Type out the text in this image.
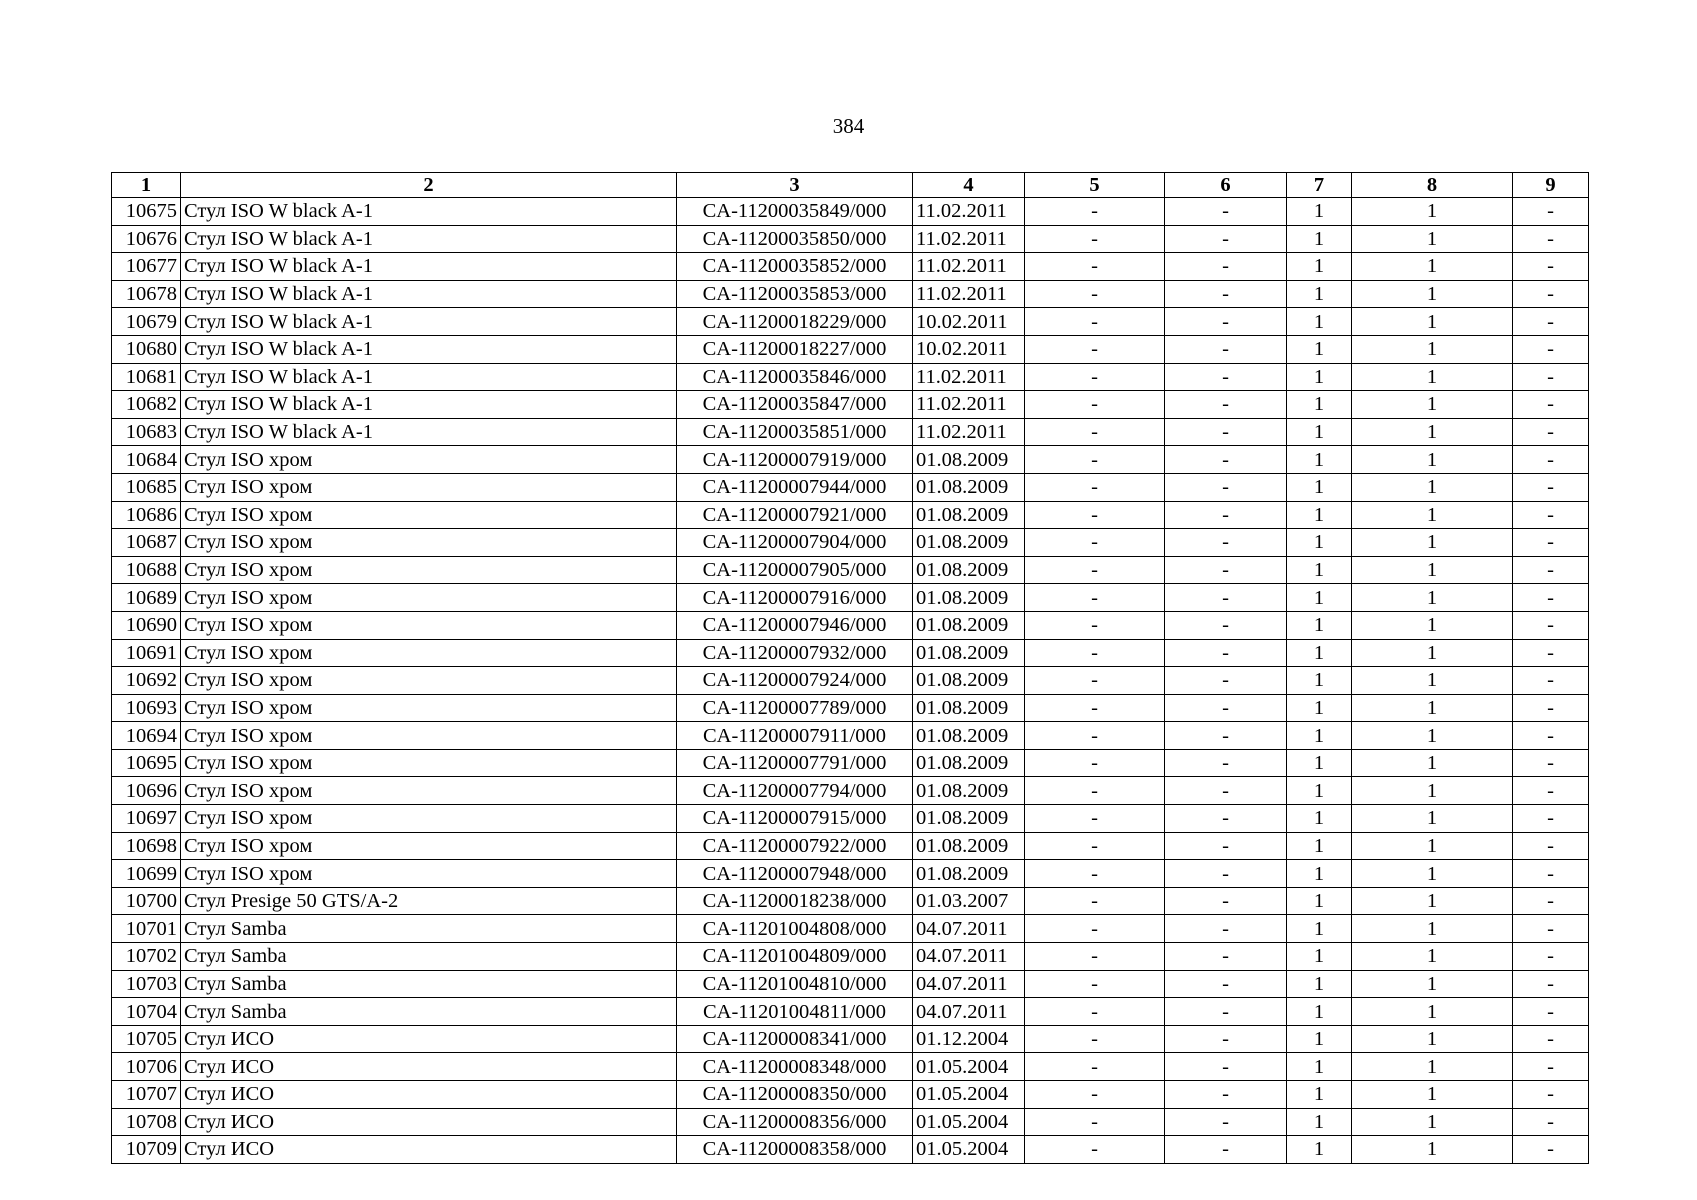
384
1	2	3	4	5	6	7	8	9
10675	Стул ISO W black A-1	CA-11200035849/000	11.02.2011	-	-	1	1	-
10676	Стул ISO W black A-1	CA-11200035850/000	11.02.2011	-	-	1	1	-
10677	Стул ISO W black A-1	CA-11200035852/000	11.02.2011	-	-	1	1	-
10678	Стул ISO W black A-1	CA-11200035853/000	11.02.2011	-	-	1	1	-
10679	Стул ISO W black A-1	CA-11200018229/000	10.02.2011	-	-	1	1	-
10680	Стул ISO W black A-1	CA-11200018227/000	10.02.2011	-	-	1	1	-
10681	Стул ISO W black A-1	CA-11200035846/000	11.02.2011	-	-	1	1	-
10682	Стул ISO W black A-1	CA-11200035847/000	11.02.2011	-	-	1	1	-
10683	Стул ISO W black A-1	CA-11200035851/000	11.02.2011	-	-	1	1	-
10684	Стул ISO хром	CA-11200007919/000	01.08.2009	-	-	1	1	-
10685	Стул ISO хром	CA-11200007944/000	01.08.2009	-	-	1	1	-
10686	Стул ISO хром	CA-11200007921/000	01.08.2009	-	-	1	1	-
10687	Стул ISO хром	CA-11200007904/000	01.08.2009	-	-	1	1	-
10688	Стул ISO хром	CA-11200007905/000	01.08.2009	-	-	1	1	-
10689	Стул ISO хром	CA-11200007916/000	01.08.2009	-	-	1	1	-
10690	Стул ISO хром	CA-11200007946/000	01.08.2009	-	-	1	1	-
10691	Стул ISO хром	CA-11200007932/000	01.08.2009	-	-	1	1	-
10692	Стул ISO хром	CA-11200007924/000	01.08.2009	-	-	1	1	-
10693	Стул ISO хром	CA-11200007789/000	01.08.2009	-	-	1	1	-
10694	Стул ISO хром	CA-11200007911/000	01.08.2009	-	-	1	1	-
10695	Стул ISO хром	CA-11200007791/000	01.08.2009	-	-	1	1	-
10696	Стул ISO хром	CA-11200007794/000	01.08.2009	-	-	1	1	-
10697	Стул ISO хром	CA-11200007915/000	01.08.2009	-	-	1	1	-
10698	Стул ISO хром	CA-11200007922/000	01.08.2009	-	-	1	1	-
10699	Стул ISO хром	CA-11200007948/000	01.08.2009	-	-	1	1	-
10700	Стул Presige 50 GTS/A-2	CA-11200018238/000	01.03.2007	-	-	1	1	-
10701	Стул Samba	CA-11201004808/000	04.07.2011	-	-	1	1	-
10702	Стул Samba	CA-11201004809/000	04.07.2011	-	-	1	1	-
10703	Стул Samba	CA-11201004810/000	04.07.2011	-	-	1	1	-
10704	Стул Samba	CA-11201004811/000	04.07.2011	-	-	1	1	-
10705	Стул ИСО	CA-11200008341/000	01.12.2004	-	-	1	1	-
10706	Стул ИСО	CA-11200008348/000	01.05.2004	-	-	1	1	-
10707	Стул ИСО	CA-11200008350/000	01.05.2004	-	-	1	1	-
10708	Стул ИСО	CA-11200008356/000	01.05.2004	-	-	1	1	-
10709	Стул ИСО	CA-11200008358/000	01.05.2004	-	-	1	1	-
